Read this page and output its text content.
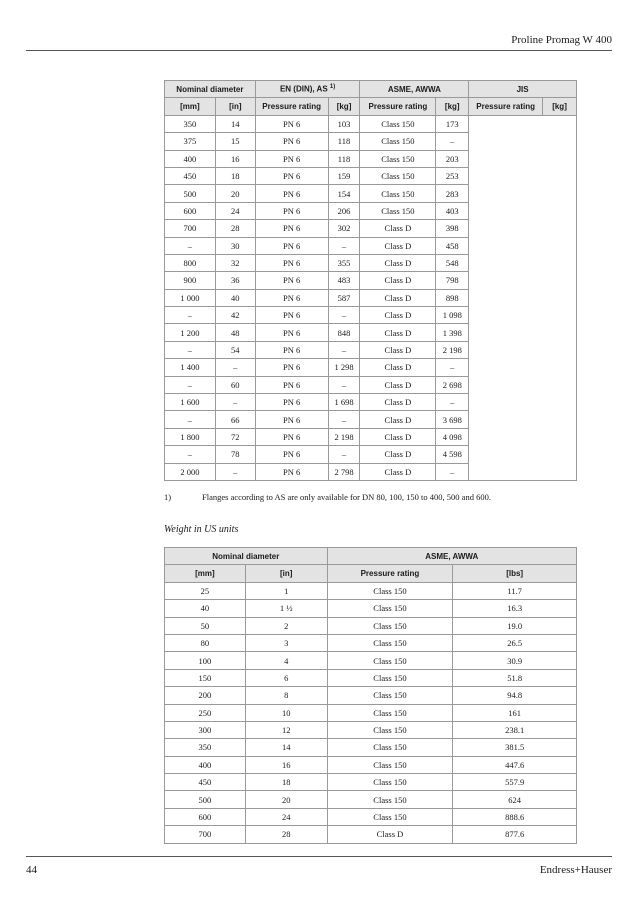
Proline Promag W 400
Nominal diameter		EN (DIN), AS $^{1)}$		ASME, AWWA		JIS	
[mm]	[in]	Pressure rating	[kg]	Pressure rating	[kg]	Pressure rating	[kg]
350	14	PN 6	103	Class 150	173		
375	15	PN 6	118	Class 150	–		
400	16	PN 6	118	Class 150	203		
450	18	PN 6	159	Class 150	253		
500	20	PN 6	154	Class 150	283		
600	24	PN 6	206	Class 150	403		
700	28	PN 6	302	Class D	398		
–	30	PN 6	–	Class D	458		
800	32	PN 6	355	Class D	548		
900	36	PN 6	483	Class D	798		
1 000	40	PN 6	587	Class D	898		
–	42	PN 6	–	Class D	1 098		
1 200	48	PN 6	848	Class D	1 398		
–	54	PN 6	–	Class D	2 198		
1 400	–	PN 6	1 298	Class D	–		
–	60	PN 6	–	Class D	2 698		
1 600	–	PN 6	1 698	Class D	–		
–	66	PN 6	–	Class D	3 698		
1 800	72	PN 6	2 198	Class D	4 098		
–	78	PN 6	–	Class D	4 598		
2 000	–	PN 6	2 798	Class D	–		
1)	Flanges according to AS are only available for DN 80, 100, 150 to 400, 500 and 600.
Weight in US units
Nominal diameter		ASME, AWWA	
[mm]	[in]	Pressure rating	[lbs]
25	1	Class 150	11.7
40	1 ½	Class 150	16.3
50	2	Class 150	19.0
80	3	Class 150	26.5
100	4	Class 150	30.9
150	6	Class 150	51.8
200	8	Class 150	94.8
250	10	Class 150	161
300	12	Class 150	238.1
350	14	Class 150	381.5
400	16	Class 150	447.6
450	18	Class 150	557.9
500	20	Class 150	624
600	24	Class 150	888.6
700	28	Class D	877.6
44	Endress+Hauser
